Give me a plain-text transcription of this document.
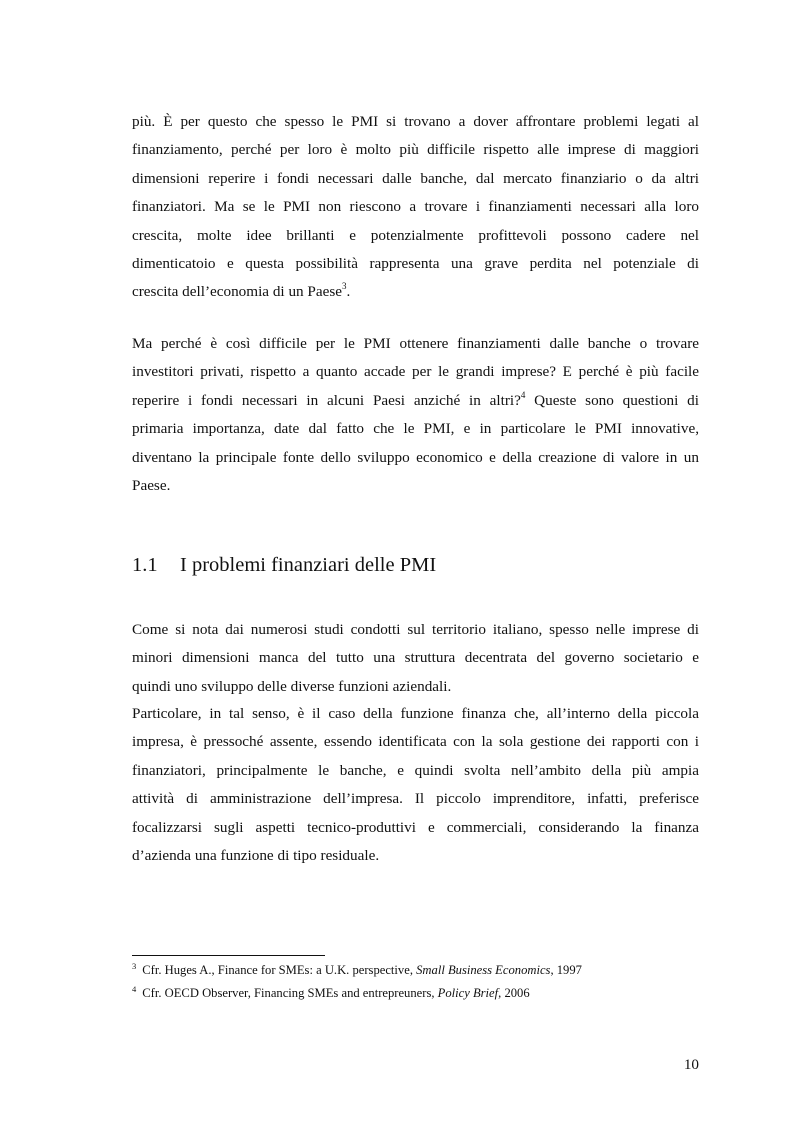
più. È per questo che spesso le PMI si trovano a dover affrontare problemi legati al
finanziamento, perché per loro è molto più difficile rispetto alle imprese di maggiori
dimensioni reperire i fondi necessari dalle banche, dal mercato finanziario o da altri
finanziatori. Ma se le PMI non riescono a trovare i finanziamenti necessari alla loro
crescita, molte idee brillanti e potenzialmente profittevoli possono cadere nel
dimenticatoio e questa possibilità rappresenta una grave perdita nel potenziale di
crescita dell’economia di un Paese$^3$.
Ma perché è così difficile per le PMI ottenere finanziamenti dalle banche o trovare
investitori privati, rispetto a quanto accade per le grandi imprese? E perché è più facile
reperire i fondi necessari in alcuni Paesi anziché in altri?$^4$ Queste sono questioni di
primaria importanza, date dal fatto che le PMI, e in particolare le PMI innovative,
diventano la principale fonte dello sviluppo economico e della creazione di valore in un
Paese.
1.1 I problemi finanziari delle PMI
Come si nota dai numerosi studi condotti sul territorio italiano, spesso nelle imprese di
minori dimensioni manca del tutto una struttura decentrata del governo societario e
quindi uno sviluppo delle diverse funzioni aziendali.
Particolare, in tal senso, è il caso della funzione finanza che, all’interno della piccola
impresa, è pressoché assente, essendo identificata con la sola gestione dei rapporti con i
finanziatori, principalmente le banche, e quindi svolta nell’ambito della più ampia
attività di amministrazione dell’impresa. Il piccolo imprenditore, infatti, preferisce
focalizzarsi sugli aspetti tecnico-produttivi e commerciali, considerando la finanza
d’azienda una funzione di tipo residuale.
$^3$ Cfr. Huges A., Finance for SMEs: a U.K. perspective, Small Business Economics, 1997
$^4$ Cfr. OECD Observer, Financing SMEs and entrepreuners, Policy Brief, 2006
10
